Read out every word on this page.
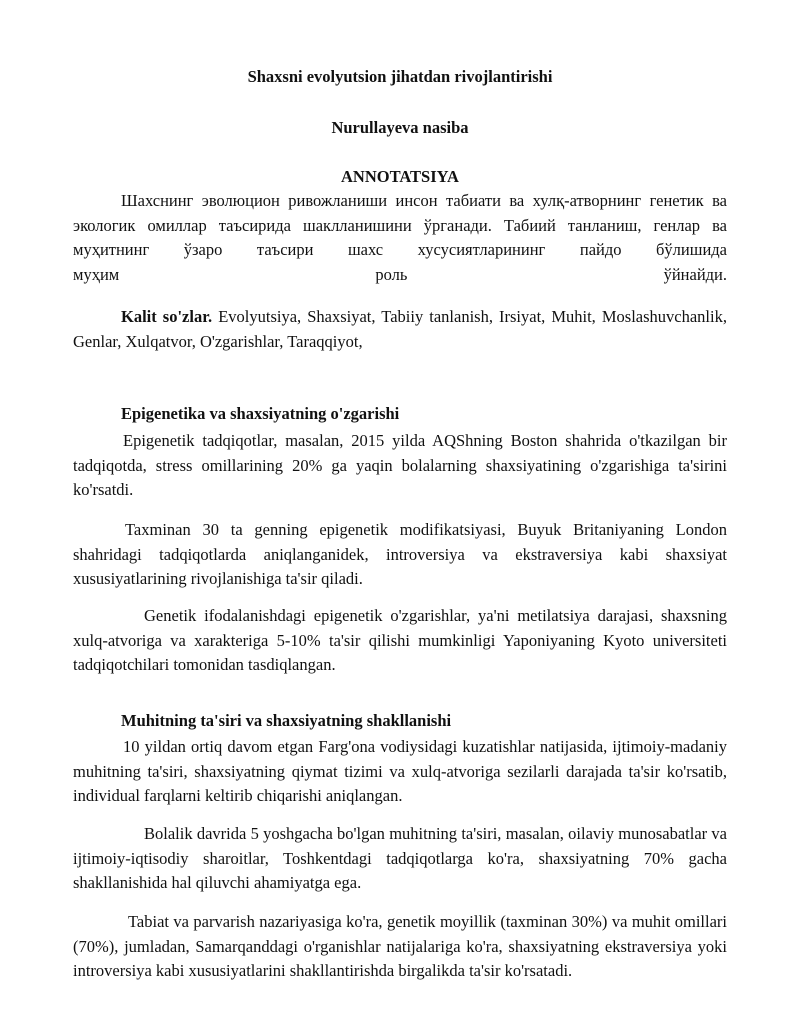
Shaxsni evolyutsion jihatdan rivojlantirishi
Nurullayeva nasiba
ANNOTATSIYA

Шахснинг эволюцион ривожланиши инсон табиати ва хулқ-атворнинг генетик ва экологик омиллар таъсирида шаклланишини ўрганади. Табиий танланиш, генлар ва муҳитнинг ўзаро таъсири шахс хусусиятларининг пайдо бўлишида

муҳим роль ўйнайди.

Kalit so'zlar. Evolyutsiya, Shaxsiyat, Tabiiy tanlanish, Irsiyat, Muhit, Moslashuvchanlik, Genlar, Xulqatvor, O'zgarishlar, Taraqqiyot,

Epigenetika va shaxsiyatning o'zgarishi

Epigenetik tadqiqotlar, masalan, 2015 yilda AQShning Boston shahrida o'tkazilgan bir tadqiqotda, stress omillarining 20% ga yaqin bolalarning shaxsiyatining o'zgarishiga ta'sirini ko'rsatdi.

Taxminan 30 ta genning epigenetik modifikatsiyasi, Buyuk Britaniyaning London shahridagi tadqiqotlarda aniqlanganidek, introversiya va ekstraversiya kabi shaxsiyat xususiyatlarining rivojlanishiga ta'sir qiladi.

Genetik ifodalanishdagi epigenetik o'zgarishlar, ya'ni metilatsiya darajasi, shaxsning xulq-atvoriga va xarakteriga 5-10% ta'sir qilishi mumkinligi Yaponiyaning Kyoto universiteti tadqiqotchilari tomonidan tasdiqlangan.

Muhitning ta'siri va shaxsiyatning shakllanishi

10 yildan ortiq davom etgan Farg'ona vodiysidagi kuzatishlar natijasida, ijtimoiy-madaniy muhitning ta'siri, shaxsiyatning qiymat tizimi va xulq-atvoriga sezilarli darajada ta'sir ko'rsatib, individual farqlarni keltirib chiqarishi aniqlangan.

Bolalik davrida 5 yoshgacha bo'lgan muhitning ta'siri, masalan, oilaviy munosabatlar va ijtimoiy-iqtisodiy sharoitlar, Toshkentdagi tadqiqotlarga ko'ra, shaxsiyatning 70% gacha shakllanishida hal qiluvchi ahamiyatga ega.

Tabiat va parvarish nazariyasiga ko'ra, genetik moyillik (taxminan 30%) va muhit omillari (70%), jumladan, Samarqanddagi o'rganishlar natijalariga ko'ra, shaxsiyatning ekstraversiya yoki introversiya kabi xususiyatlarini shakllantirishda birgalikda ta'sir ko'rsatadi.
